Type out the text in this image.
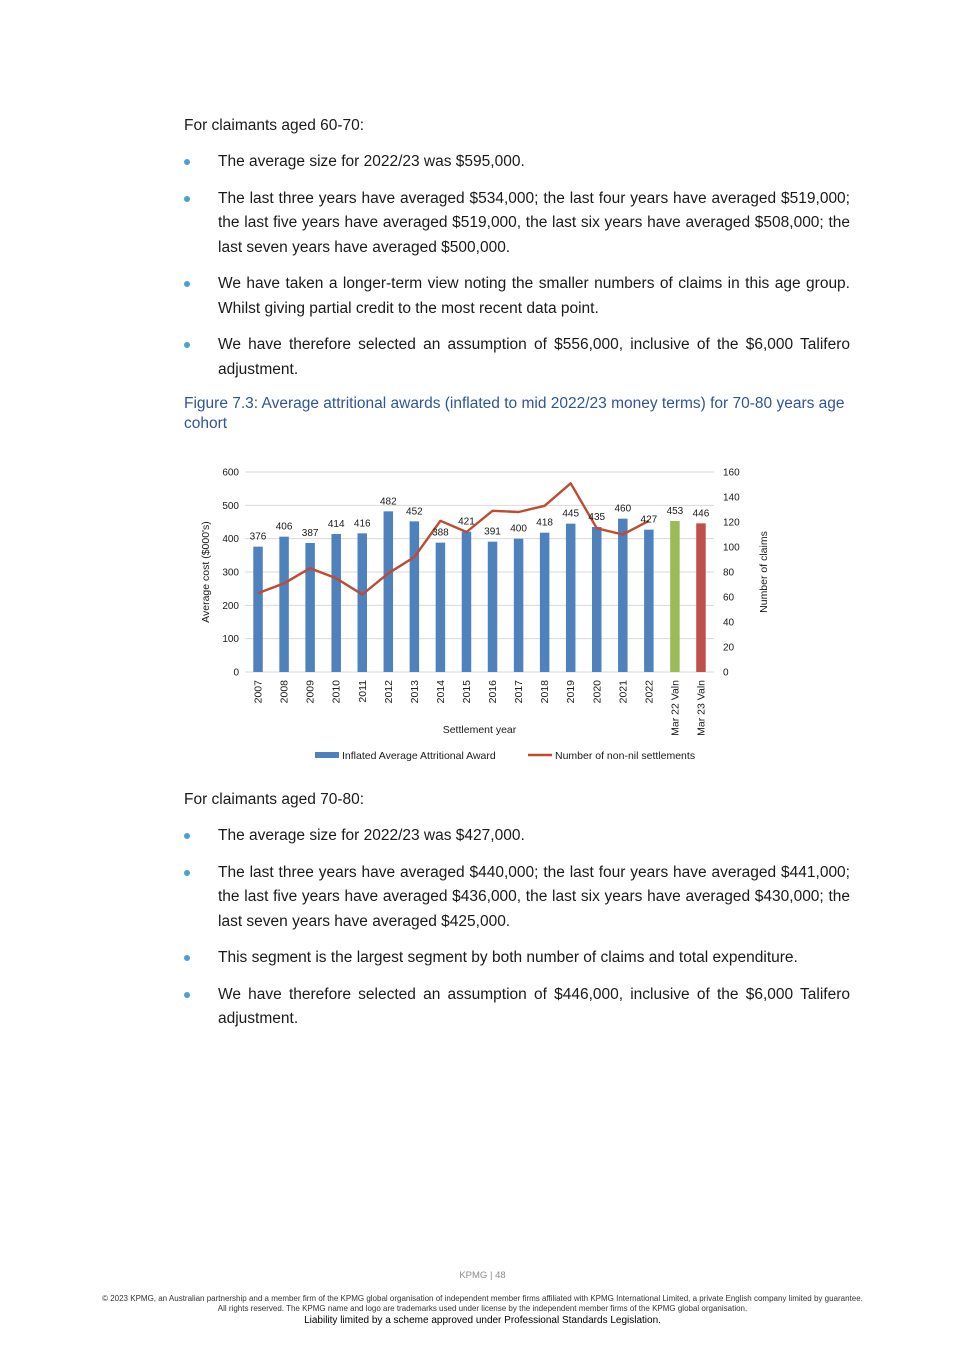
For claimants aged 60-70:

The average size for 2022/23 was $595,000.
The last three years have averaged $534,000; the last four years have averaged $519,000; the last five years have averaged $519,000, the last six years have averaged $508,000; the last seven years have averaged $500,000.
We have taken a longer-term view noting the smaller numbers of claims in this age group. Whilst giving partial credit to the most recent data point.
We have therefore selected an assumption of $556,000, inclusive of the $6,000 Talifero adjustment.

Figure 7.3: Average attritional awards (inflated to mid 2022/23 money terms) for 70-80 years age cohort

0
100
200
300
400
500
600
0
20
40
60
80
100
120
140
160
376
406
387
414 416
482
452
388
421
391 400
418
445 435
460
427
453 446
2007 2008 2009 2010 2011 2012 2013 2014 2015 2016 2017 2018 2019 2020 2021 2022 Mar 22 Valn Mar 23 Valn
Settlement year
Average cost ($000's)	Number of claims
Inflated Average Attritional Award	Number of non-nil settlements

For claimants aged 70-80:

The average size for 2022/23 was $427,000.
The last three years have averaged $440,000; the last four years have averaged $441,000; the last five years have averaged $436,000, the last six years have averaged $430,000; the last seven years have averaged $425,000.
This segment is the largest segment by both number of claims and total expenditure.
We have therefore selected an assumption of $446,000, inclusive of the $6,000 Talifero adjustment.
KPMG | 48
© 2023 KPMG, an Australian partnership and a member firm of the KPMG global organisation of independent member firms affiliated with KPMG International Limited, a private English company limited by guarantee. All rights reserved. The KPMG name and logo are trademarks used under license by the independent member firms of the KPMG global organisation.
Liability limited by a scheme approved under Professional Standards Legislation.
